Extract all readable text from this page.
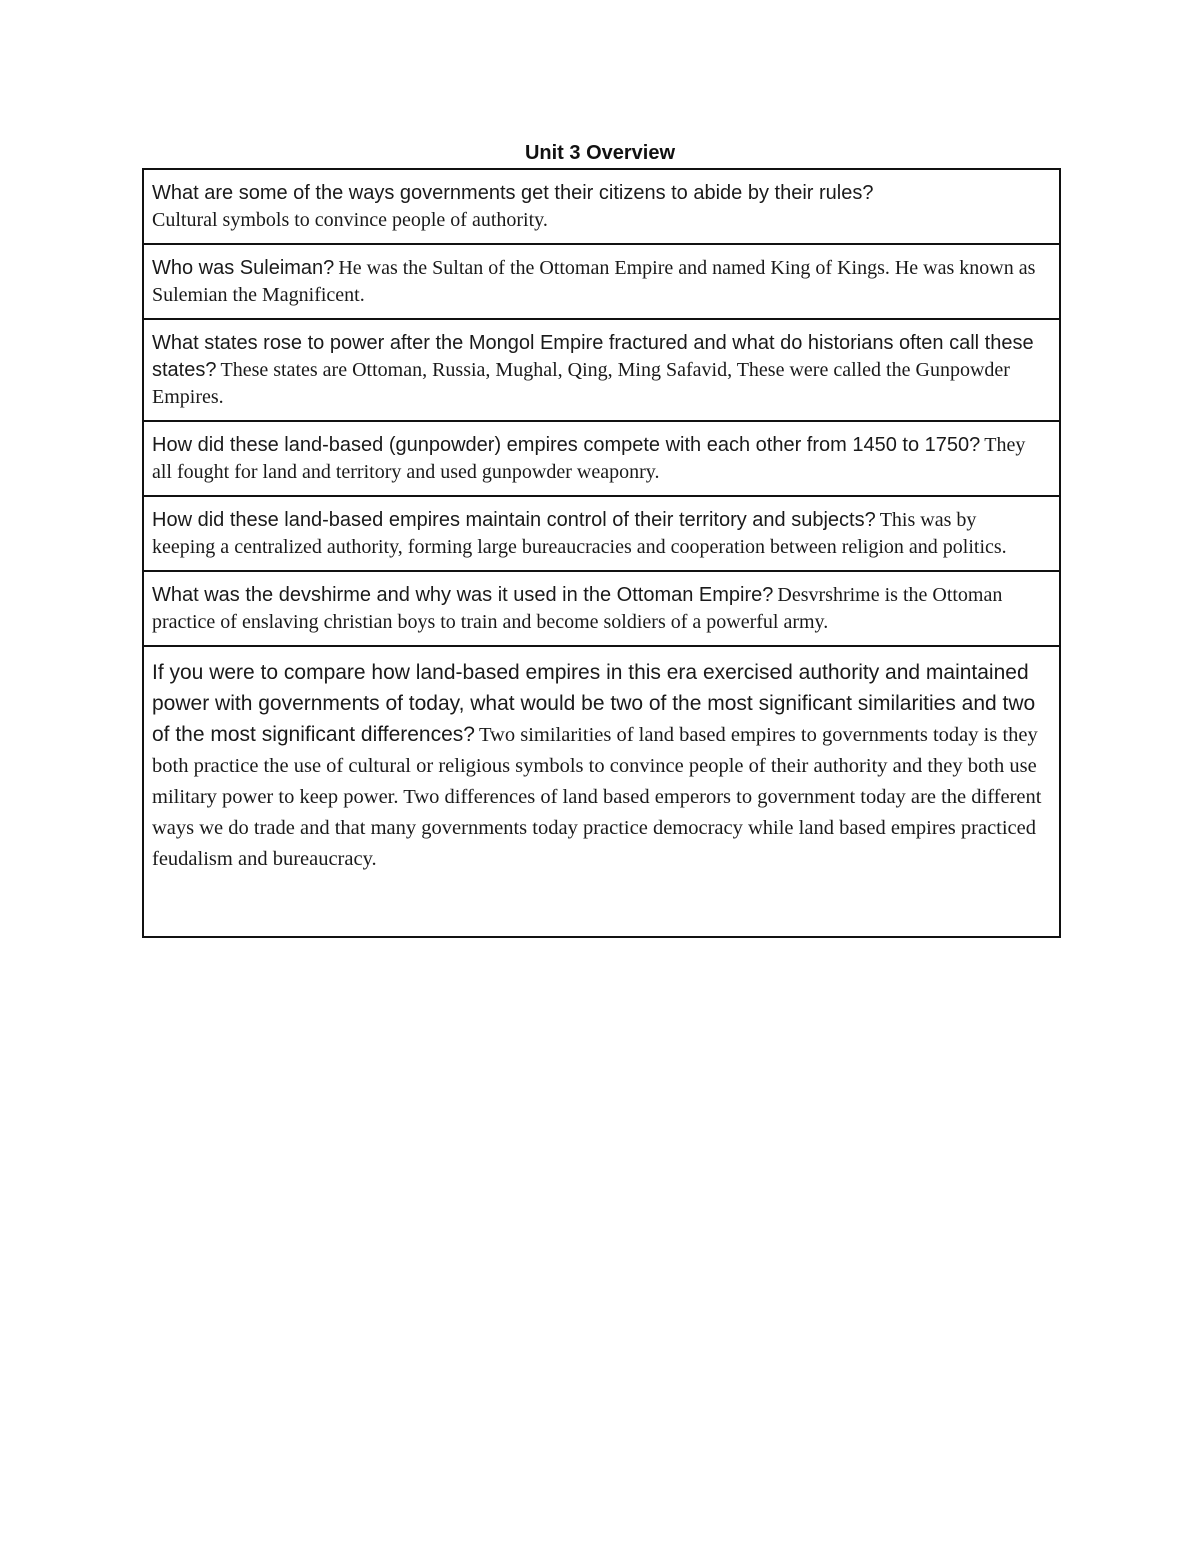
Unit 3 Overview
What are some of the ways governments get their citizens to abide by their rules?
Cultural symbols to convince people of authority.
Who was Suleiman? He was the Sultan of the Ottoman Empire and named King of Kings. He was known as Sulemian the Magnificent.
What states rose to power after the Mongol Empire fractured and what do historians often call these states? These states are Ottoman, Russia, Mughal, Qing, Ming Safavid, These were called the Gunpowder Empires.
How did these land-based (gunpowder) empires compete with each other from 1450 to 1750? They all fought for land and territory and used gunpowder weaponry.
How did these land-based empires maintain control of their territory and subjects? This was by keeping a centralized authority, forming large bureaucracies and cooperation between religion and politics.
What was the devshirme and why was it used in the Ottoman Empire? Desvrshrime is the Ottoman practice of enslaving christian boys to train and become soldiers of a powerful army.
If you were to compare how land-based empires in this era exercised authority and maintained power with governments of today, what would be two of the most significant similarities and two of the most significant differences? Two similarities of land based empires to governments today is they both practice the use of cultural or religious symbols to convince people of their authority and they both use military power to keep power. Two differences of land based emperors to government today are the different ways we do trade and that many governments today practice democracy while land based empires practiced feudalism and bureaucracy.
